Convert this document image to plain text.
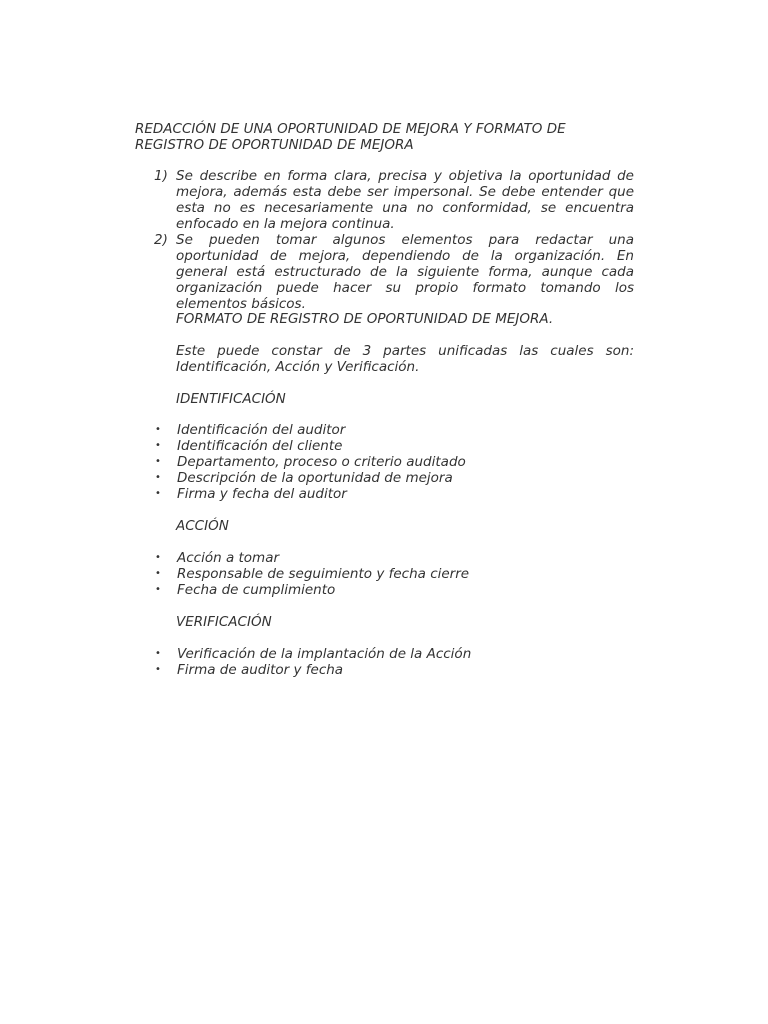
REDACCIÓN DE UNA OPORTUNIDAD DE MEJORA Y FORMATO DE REGISTRO DE OPORTUNIDAD DE MEJORA
1) Se describe en forma clara, precisa y objetiva la oportunidad de mejora, además esta debe ser impersonal. Se debe entender que esta no es necesariamente una no conformidad, se encuentra enfocado en la mejora continua.
2) Se pueden tomar algunos elementos para redactar una oportunidad de mejora, dependiendo de la organización. En general está estructurado de la siguiente forma, aunque cada organización puede hacer su propio formato tomando los elementos básicos.

FORMATO DE REGISTRO DE OPORTUNIDAD DE MEJORA.

Este puede constar de 3 partes unificadas las cuales son: Identificación, Acción y Verificación.

IDENTIFICACIÓN

•	Identificación del auditor
•	Identificación del cliente
•	Departamento, proceso o criterio auditado
•	Descripción de la oportunidad de mejora
•	Firma y fecha del auditor

ACCIÓN

•	Acción a tomar
•	Responsable de seguimiento y fecha cierre
•	Fecha de cumplimiento

VERIFICACIÓN

•	Verificación de la implantación de la Acción
•	Firma de auditor y fecha
